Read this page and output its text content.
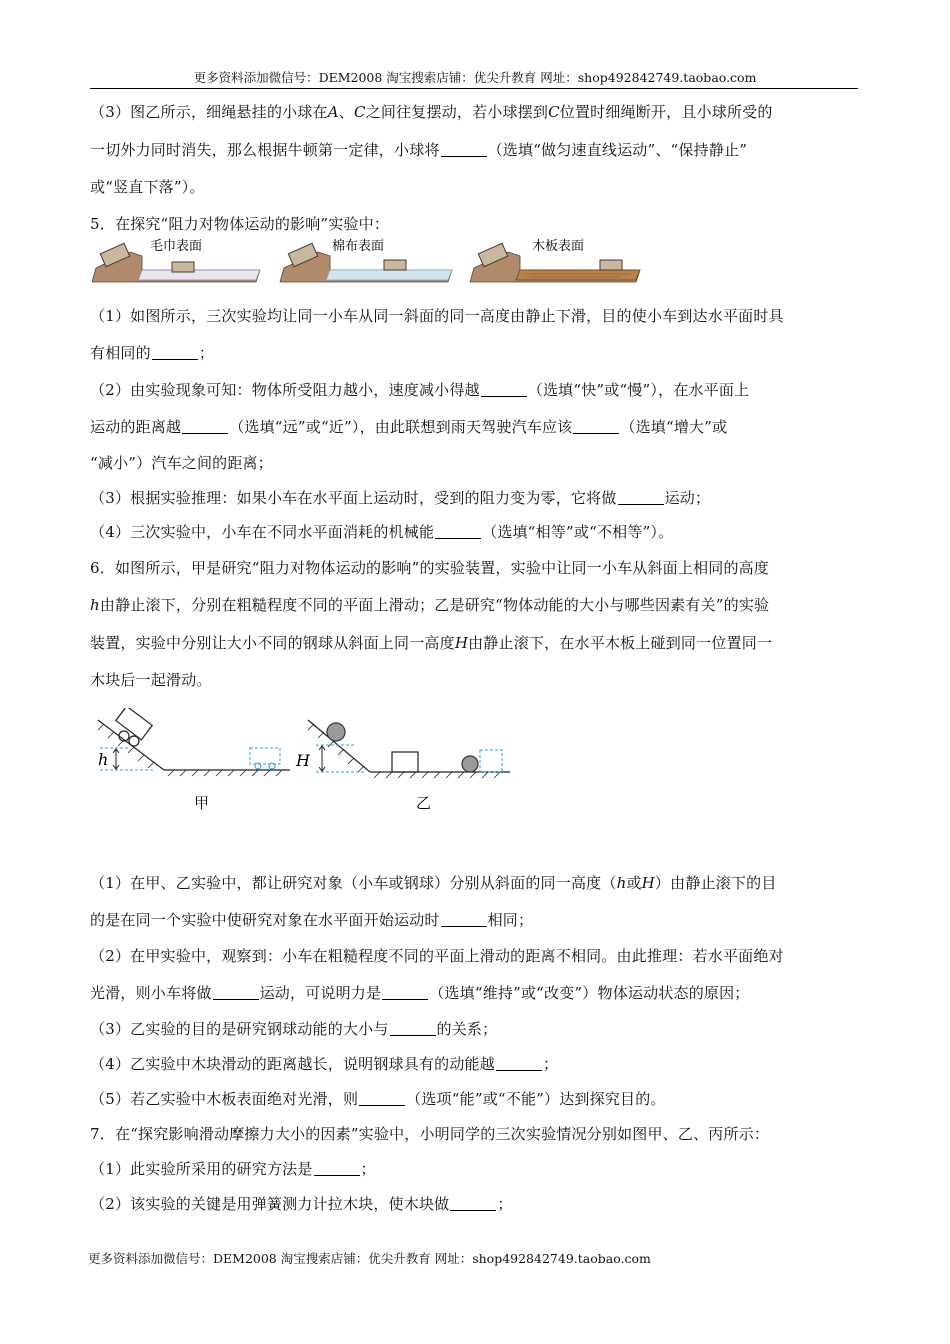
更多资料添加微信号：DEM2008 淘宝搜索店铺：优尖升教育 网址：shop492842749.taobao.com
（3）图乙所示，细绳悬挂的小球在A、C之间往复摆动，若小球摆到C位置时细绳断开，且小球所受的
一切外力同时消失，那么根据牛顿第一定律，小球将	（选填“做匀速直线运动”、“保持静止”
或“竖直下落”）。
5．在探究“阻力对物体运动的影响”实验中：
毛巾表面	棉布表面	木板表面
（1）如图所示，三次实验均让同一小车从同一斜面的同一高度由静止下滑，目的使小车到达水平面时具
有相同的	；
（2）由实验现象可知：物体所受阻力越小，速度减小得越	（选填“快”或“慢”），在水平面上
运动的距离越	（选填“远”或“近”），由此联想到雨天驾驶汽车应该	（选填“增大”或
“减小”）汽车之间的距离；
（3）根据实验推理：如果小车在水平面上运动时，受到的阻力变为零，它将做	运动；
（4）三次实验中，小车在不同水平面消耗的机械能	（选填“相等”或“不相等”）。
6．如图所示，甲是研究“阻力对物体运动的影响”的实验装置，实验中让同一小车从斜面上相同的高度
h由静止滚下，分别在粗糙程度不同的平面上滑动；乙是研究“物体动能的大小与哪些因素有关”的实验
装置，实验中分别让大小不同的钢球从斜面上同一高度H由静止滚下，在水平木板上碰到同一位置同一
木块后一起滑动。
h
甲
H
乙
（1）在甲、乙实验中，都让研究对象（小车或钢球）分别从斜面的同一高度（h或H）由静止滚下的目
的是在同一个实验中使研究对象在水平面开始运动时	相同；
（2）在甲实验中，观察到：小车在粗糙程度不同的平面上滑动的距离不相同。由此推理：若水平面绝对
光滑，则小车将做	运动，可说明力是	（选填“维持”或“改变”）物体运动状态的原因；
（3）乙实验的目的是研究钢球动能的大小与	的关系；
（4）乙实验中木块滑动的距离越长，说明钢球具有的动能越	；
（5）若乙实验中木板表面绝对光滑，则	（选项“能”或“不能”）达到探究目的。
7．在“探究影响滑动摩擦力大小的因素”实验中，小明同学的三次实验情况分别如图甲、乙、丙所示：
（1）此实验所采用的研究方法是	；
（2）该实验的关键是用弹簧测力计拉木块，使木块做	；
更多资料添加微信号：DEM2008 淘宝搜索店铺：优尖升教育 网址：shop492842749.taobao.com
